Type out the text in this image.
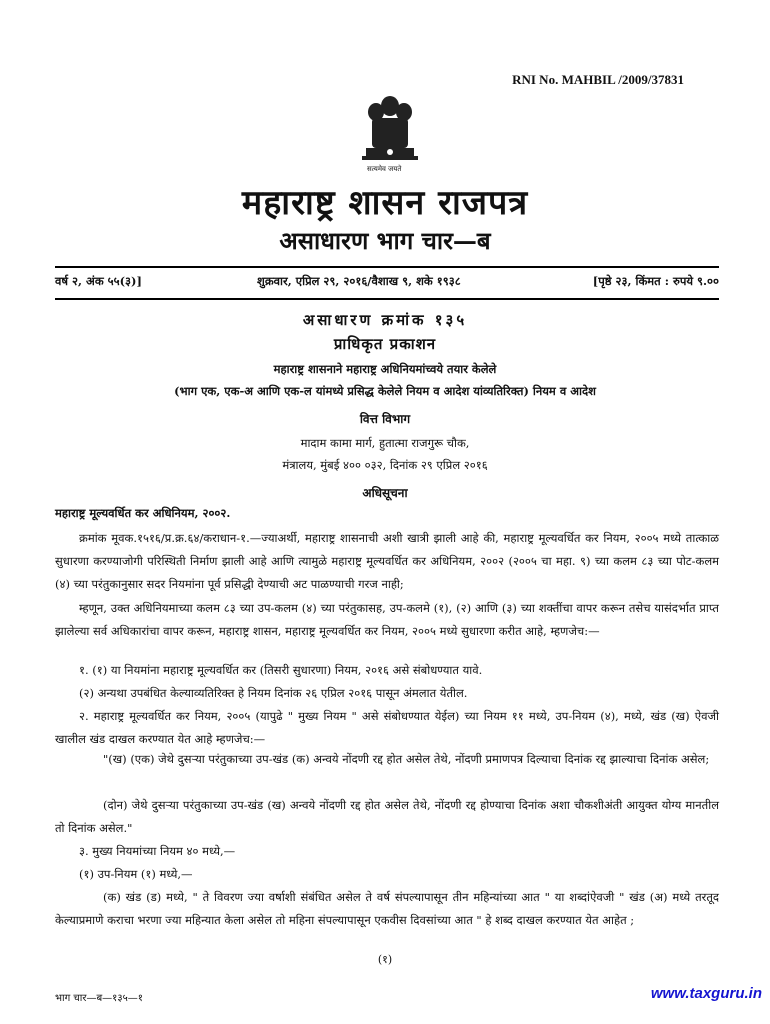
RNI No. MAHBIL /2009/37831
सत्यमेव जयते
महाराष्ट्र शासन राजपत्र
असाधारण भाग चार—ब
वर्ष २, अंक ५५(३)]	शुक्रवार, एप्रिल २९, २०१६/वैशाख ९, शके १९३८	[पृष्ठे २३, किंमत : रुपये ९.००
असाधारण क्रमांक १३५
प्राधिकृत प्रकाशन
महाराष्ट्र शासनाने महाराष्ट्र अधिनियमांच्वये तयार केलेले
(भाग एक, एक-अ आणि एक-ल यांमध्ये प्रसिद्ध केलेले नियम व आदेश यांव्यतिरिक्त) नियम व आदेश
वित्त विभाग
मादाम कामा मार्ग, हुतात्मा राजगुरू चौक,
मंत्रालय, मुंबई ४०० ०३२, दिनांक २९ एप्रिल २०१६
अधिसूचना
महाराष्ट्र मूल्यवर्धित कर अधिनियम, २००२.
क्रमांक मूवक.१५१६/प्र.क्र.६४/कराधान-१.—ज्याअर्थी, महाराष्ट्र शासनाची अशी खात्री झाली आहे की, महाराष्ट्र मूल्यवर्धित कर नियम, २००५ मध्ये तात्काळ सुधारणा करण्याजोगी परिस्थिती निर्माण झाली आहे आणि त्यामुळे महाराष्ट्र मूल्यवर्धित कर अधिनियम, २००२ (२००५ चा महा. ९) च्या कलम ८३ च्या पोट-कलम (४) च्या परंतुकानुसार सदर नियमांना पूर्व प्रसिद्धी देण्याची अट पाळण्याची गरज नाही;
म्हणून, उक्त अधिनियमाच्या कलम ८३ च्या उप-कलम (४) च्या परंतुकासह, उप-कलमे (१), (२) आणि (३) च्या शक्तींचा वापर करून तसेच यासंदर्भात प्राप्त झालेल्या सर्व अधिकारांचा वापर करून, महाराष्ट्र शासन, महाराष्ट्र मूल्यवर्धित कर नियम, २००५ मध्ये सुधारणा करीत आहे, म्हणजेच:—
१. (१) या नियमांना महाराष्ट्र मूल्यवर्धित कर (तिसरी सुधारणा) नियम, २०१६ असे संबोधण्यात यावे.
(२) अन्यथा उपबंधित केल्याव्यतिरिक्त हे नियम दिनांक २६ एप्रिल २०१६ पासून अंमलात येतील.
२. महाराष्ट्र मूल्यवर्धित कर नियम, २००५ (यापुढे " मुख्य नियम " असे संबोधण्यात येईल) च्या नियम ११ मध्ये, उप-नियम (४), मध्ये, खंड (ख) ऐवजी खालील खंड दाखल करण्यात येत आहे म्हणजेच:—
"(ख) (एक) जेथे दुसऱ्या परंतुकाच्या उप-खंड (क) अन्वये नोंदणी रद्द होत असेल तेथे, नोंदणी प्रमाणपत्र दिल्याचा दिनांक रद्द झाल्याचा दिनांक असेल;
(दोन) जेथे दुसऱ्या परंतुकाच्या उप-खंड (ख) अन्वये नोंदणी रद्द होत असेल तेथे, नोंदणी रद्द होण्याचा दिनांक अशा चौकशीअंती आयुक्त योग्य मानतील तो दिनांक असेल."
३. मुख्य नियमांच्या नियम ४० मध्ये,—
(१) उप-नियम (१) मध्ये,—
(क) खंड (ड) मध्ये, " ते विवरण ज्या वर्षाशी संबंधित असेल ते वर्ष संपल्यापासून तीन महिन्यांच्या आत " या शब्दांऐवजी " खंड (अ) मध्ये तरतूद केल्याप्रमाणे कराचा भरणा ज्या महिन्यात केला असेल तो महिना संपल्यापासून एकवीस दिवसांच्या आत " हे शब्द दाखल करण्यात येत आहेत ;
(१)
भाग चार—ब—१३५—१	www.taxguru.in
